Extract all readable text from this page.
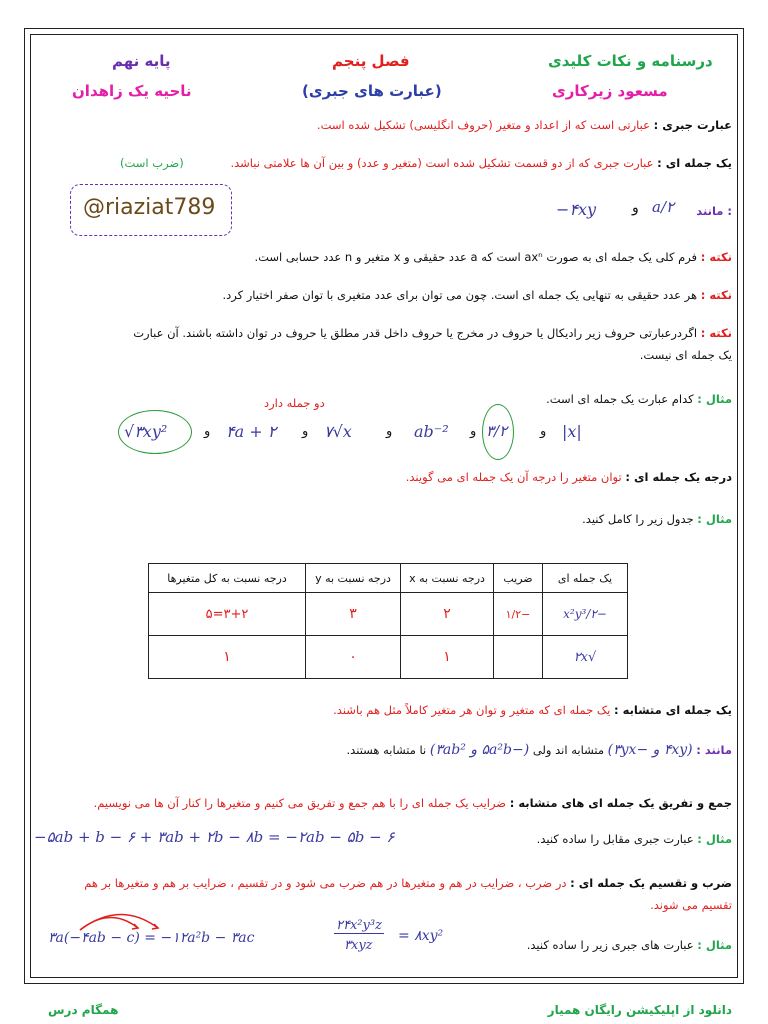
درسنامه و نکات کلیدی
مسعود زیرکاری
فصل پنجم
(عبارت های جبری)
پایه نهم
ناحیه یک زاهدان
عبارت جبری : عبارتی است که از اعداد و متغیر (حروف انگلیسی) تشکیل شده است.
یک جمله ای : عبارت جبری که از دو قسمت تشکیل شده است (متغیر و عدد) و بین آن ها علامتی نباشد.
(ضرب است)
@riaziat789	مانند :
a/۲
و
−۴xy
نکته : فرم کلی یک جمله ای به صورت axⁿ است که a عدد حقیقی و x متغیر و n عدد حسابی است.
نکته : هر عدد حقیقی به تنهایی یک جمله ای است. چون می توان برای عدد متغیری با توان صفر اختیار کرد.
نکته : اگردرعبارتی حروف زیر رادیکال یا حروف در مخرج یا حروف داخل قدر مطلق یا حروف در توان داشته باشند. آن عبارت
یک جمله ای نیست.
مثال : کدام عبارت یک جمله ای است.
دو جمله دارد
√۳xy²	و ۴a + ۲ و ۷√x	و ab⁻² و ۳/۲	و |x|
درجه یک جمله ای : توان متغیر را درجه آن یک جمله ای می گویند.
مثال : جدول زیر را کامل کنید.
یک جمله ای	ضریب	درجه نسبت به x	درجه نسبت به y	درجه نسبت به کل متغیرها
−x²y³/۲	−۱/۲	۲	۳	۳+۲=۵
√۲x		۱	۰	۱
یک جمله ای متشابه : یک جمله ای که متغیر و توان هر متغیر کاملاً مثل هم باشند.
مانند : (۴xy و −۳yx) متشابه اند ولی (−۵a²b و ۳ab²) نا متشابه هستند.
جمع و تفریق یک جمله ای های متشابه : ضرایب یک جمله ای را با هم جمع و تفریق می کنیم و متغیرها را کنار آن ها می نویسیم.
مثال : عبارت جبری مقابل را ساده کنید.
−۵ab + b − ۶ + ۳ab + ۲b − ۸b = −۲ab − ۵b − ۶
ضرب و تقسیم یک جمله ای : در ضرب ، ضرایب در هم و متغیرها در هم ضرب می شود و در تقسیم ، ضرایب بر هم و متغیرها بر هم
تقسیم می شوند.
مثال : عبارت های جبری زیر را ساده کنید.
۲۴x²y³z
۳xyz
= ۸xy²
۳a(−۴ab − c) = −۱۲a²b − ۳ac
همگام درس	دانلود از اپلیکیشن رایگان همیار
